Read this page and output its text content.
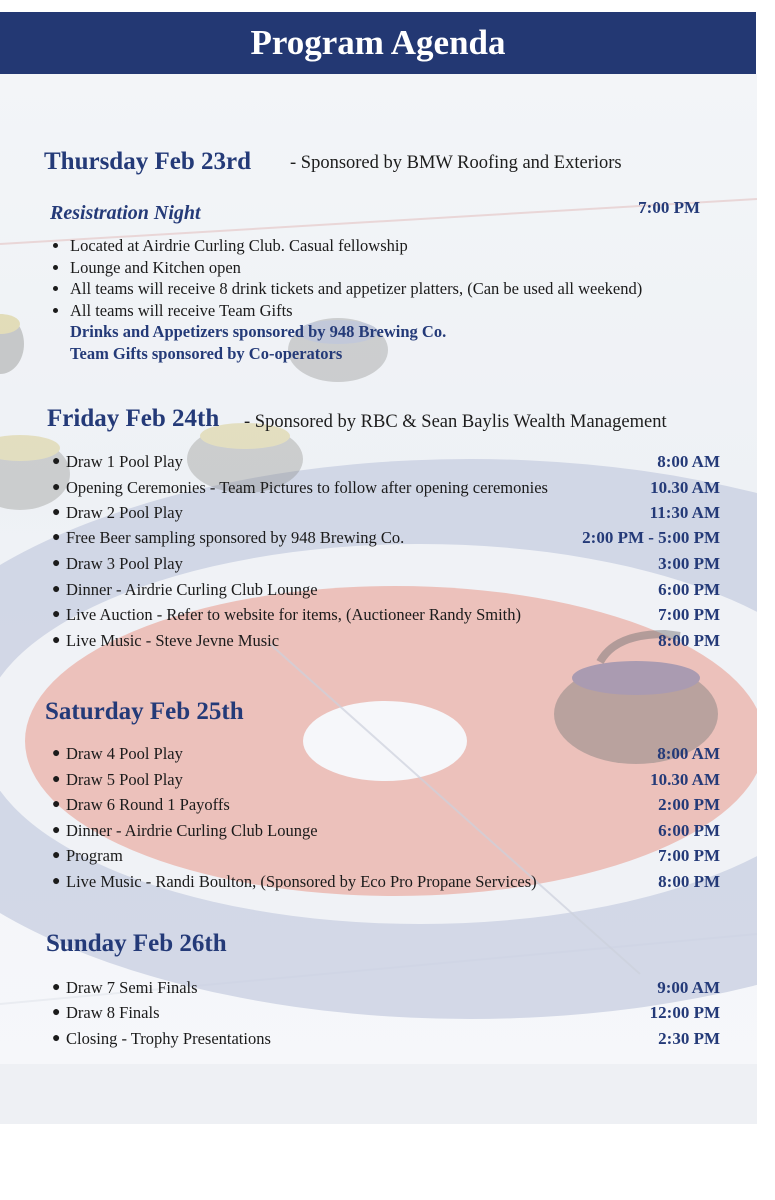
Program Agenda
Thursday Feb 23rd - Sponsored by BMW Roofing and Exteriors
Resistration Night	7:00 PM
• Located at Airdrie Curling Club. Casual fellowship
• Lounge and Kitchen open
• All teams will receive 8 drink tickets and appetizer platters, (Can be used all weekend)
• All teams will receive Team Gifts
Drinks and Appetizers sponsored by 948 Brewing Co.
Team Gifts sponsored by Co-operators
Friday Feb 24th - Sponsored by RBC & Sean Baylis Wealth Management
● Draw 1 Pool Play	8:00 AM
● Opening Ceremonies - Team Pictures to follow after opening ceremonies	10.30 AM
● Draw 2 Pool Play	11:30 AM
● Free Beer sampling sponsored by 948 Brewing Co.	2:00 PM - 5:00 PM
● Draw 3 Pool Play	3:00 PM
● Dinner - Airdrie Curling Club Lounge	6:00 PM
● Live Auction - Refer to website for items, (Auctioneer Randy Smith)	7:00 PM
● Live Music - Steve Jevne Music	8:00 PM
Saturday Feb 25th
● Draw 4 Pool Play	8:00 AM
● Draw 5 Pool Play	10.30 AM
● Draw 6 Round 1 Payoffs	2:00 PM
● Dinner - Airdrie Curling Club Lounge	6:00 PM
● Program	7:00 PM
● Live Music - Randi Boulton, (Sponsored by Eco Pro Propane Services)	8:00 PM
Sunday Feb 26th
● Draw 7 Semi Finals	9:00 AM
● Draw 8 Finals	12:00 PM
● Closing - Trophy Presentations	2:30 PM
